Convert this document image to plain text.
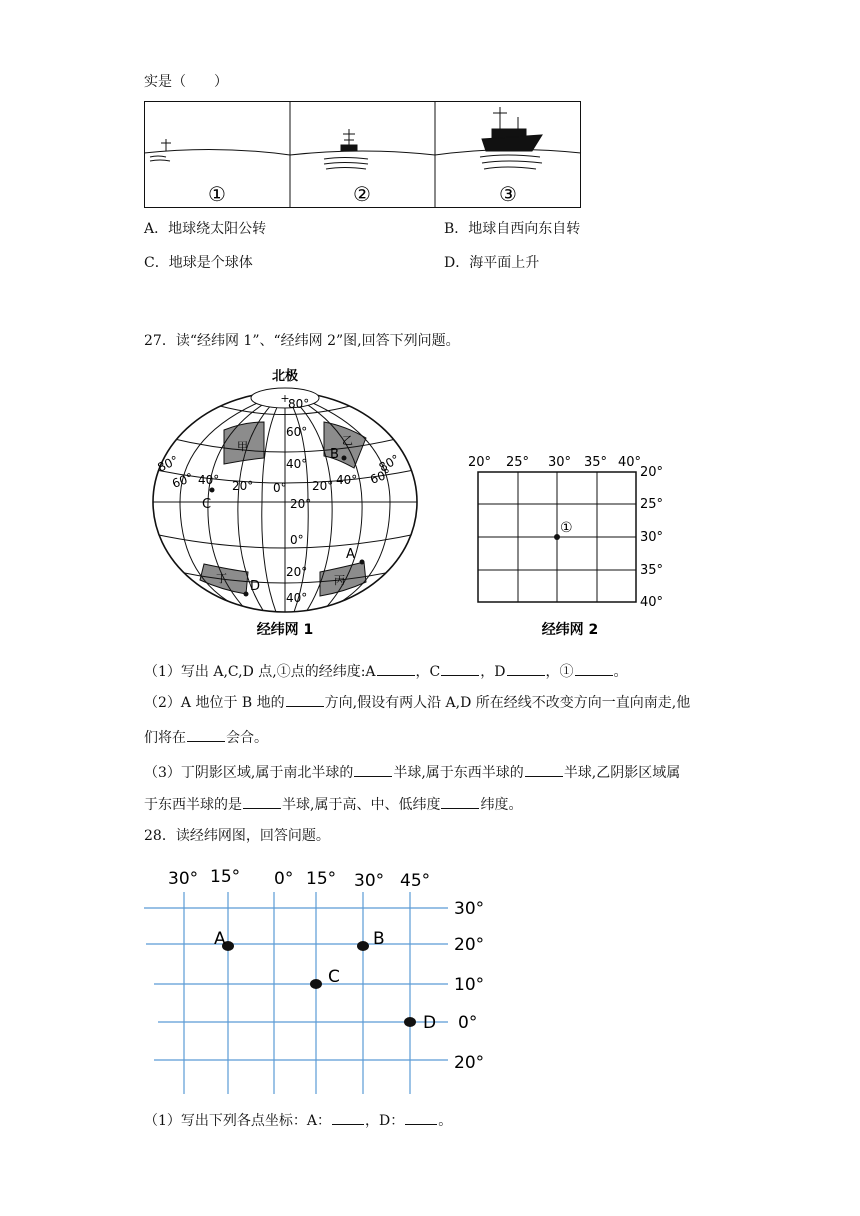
实是（　　）
①	②	③
A．地球绕太阳公转	B．地球自西向东自转
C．地球是个球体	D．海平面上升
27．读“经纬网 1”、“经纬网 2”图,回答下列问题。
+
北极
80°
60°
40°
20°
0°
20°
40°
80°
60° 40° 20° 0°
80°
60°
40°
20°
甲	乙
丁	丙
B
C
A
D
经纬网 1
20° 25° 30° 35° 40°
①
20°
25°
30°
35°
40°
经纬网 2
（1）写出 A,C,D 点,①点的经纬度:A	，C	，D	，①	。
（2）A 地位于 B 地的	方向,假设有两人沿 A,D 所在经线不改变方向一直向南走,他
们将在	会合。
（3）丁阴影区域,属于南北半球的	半球,属于东西半球的	半球,乙阴影区域属
于东西半球的是	半球,属于高、中、低纬度	纬度。
28．读经纬网图，回答问题。
30° 15° 0° 15° 30° 45°
A	B
C
D
30°
20°
10°
0°
20°
（1）写出下列各点坐标：A： ，D： 。
